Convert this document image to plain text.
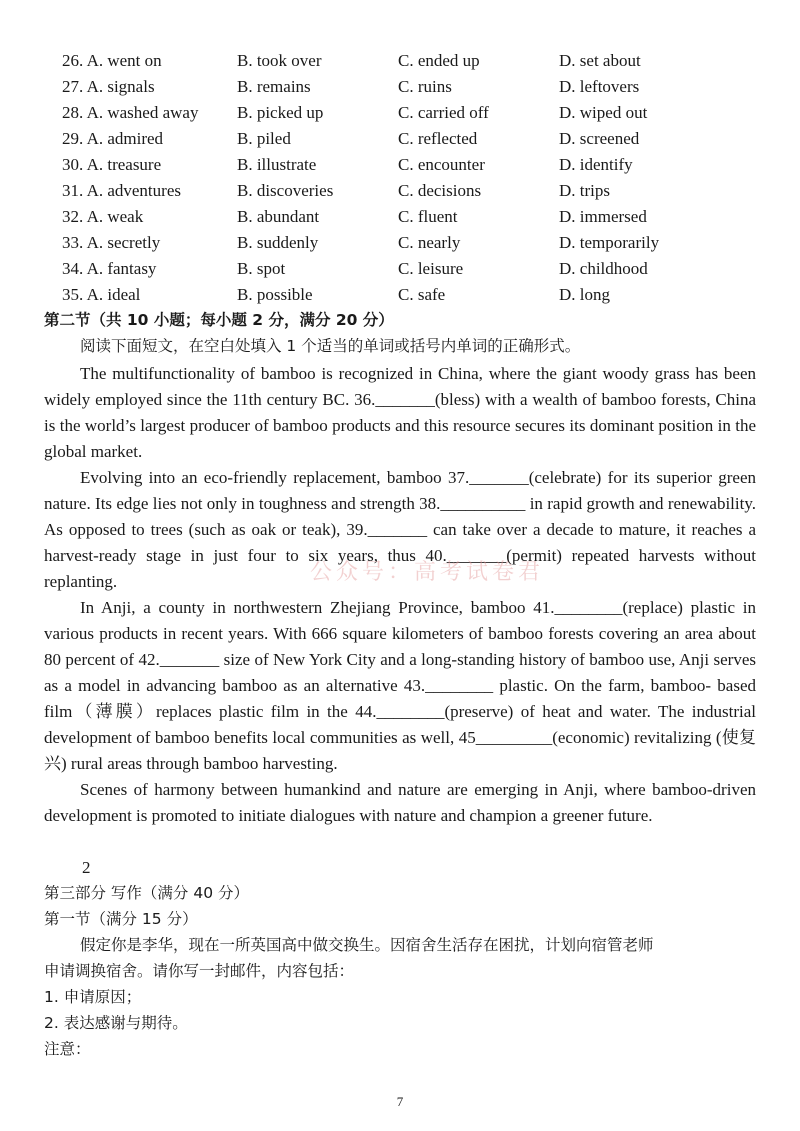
26. A. went on	B. took over	C. ended up	D. set about
27. A. signals	B. remains	C. ruins	D. leftovers
28. A. washed away B. picked up	C. carried off	D. wiped out
29. A. admired	B. piled	C. reflected	D. screened
30. A. treasure	B. illustrate	C. encounter	D. identify
31. A. adventures	B. discoveries	C. decisions	D. trips
32. A. weak	B. abundant	C. fluent	D. immersed
33. A. secretly	B. suddenly	C. nearly	D. temporarily
34. A. fantasy	B. spot	C. leisure	D. childhood
35. A. ideal	B. possible	C. safe	D. long
第二节（共 10 小题；每小题 2 分，满分 20 分）
阅读下面短文，在空白处填入 1 个适当的单词或括号内单词的正确形式。

The multifunctionality of bamboo is recognized in China, where the giant woody grass has been widely employed since the 11th century BC. 36._______(bless) with a wealth of bamboo forests, China is the world’s largest producer of bamboo products and this resource secures its dominant position in the global market.

Evolving into an eco-friendly replacement, bamboo 37._______(celebrate) for its superior green nature. Its edge lies not only in toughness and strength 38.__________ in rapid growth and renewability. As opposed to trees (such as oak or teak), 39._______ can take over a decade to mature, it reaches a harvest-ready stage in just four to six years, thus 40._______(permit) repeated harvests without replanting.

In Anji, a county in northwestern Zhejiang Province, bamboo 41.________(replace) plastic in various products in recent years. With 666 square kilometers of bamboo forests covering an area about 80 percent of 42._______ size of New York City and a long-standing history of bamboo use, Anji serves as a model in advancing bamboo as an alternative 43.________ plastic. On the farm, bamboo- based film（薄膜）replaces plastic film in the 44.________(preserve) of heat and water. The industrial development of bamboo benefits local communities as well, 45_________(economic) revitalizing (使复兴) rural areas through bamboo harvesting.

Scenes of harmony between humankind and nature are emerging in Anji, where bamboo-driven development is promoted to initiate dialogues with nature and champion a greener future.

2
第三部分 写作（满分 40 分）
第一节（满分 15 分）
假定你是李华，现在一所英国高中做交换生。因宿舍生活存在困扰，计划向宿管老师
申请调换宿舍。请你写一封邮件，内容包括：
1. 申请原因；
2. 表达感谢与期待。
注意：
公众号：高考试卷君
7
